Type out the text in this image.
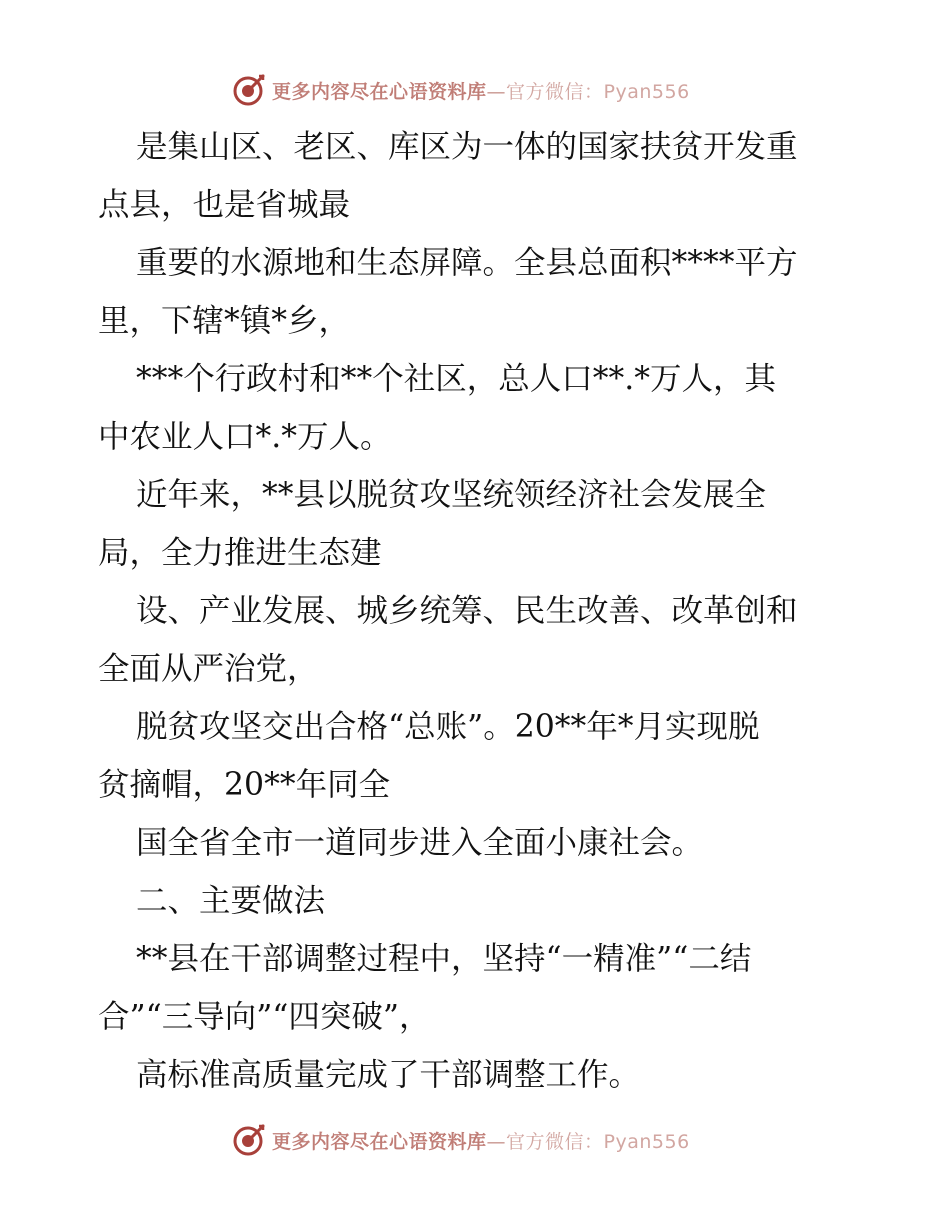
更多内容尽在心语资料库—官方微信：Pyan556

是集山区、老区、库区为一体的国家扶贫开发重
点县，也是省城最

重要的水源地和生态屏障。全县总面积****平方
里，下辖*镇*乡，

***个行政村和**个社区，总人口**.*万人，其
中农业人口*.*万人。

近年来，**县以脱贫攻坚统领经济社会发展全
局，全力推进生态建

设、产业发展、城乡统筹、民生改善、改革创和
全面从严治党，

脱贫攻坚交出合格“总账”。20**年*月实现脱
贫摘帽，20**年同全

国全省全市一道同步进入全面小康社会。

二、主要做法

**县在干部调整过程中，坚持“一精准”“二结
合”“三导向”“四突破”，

高标准高质量完成了干部调整工作。

更多内容尽在心语资料库—官方微信：Pyan556
